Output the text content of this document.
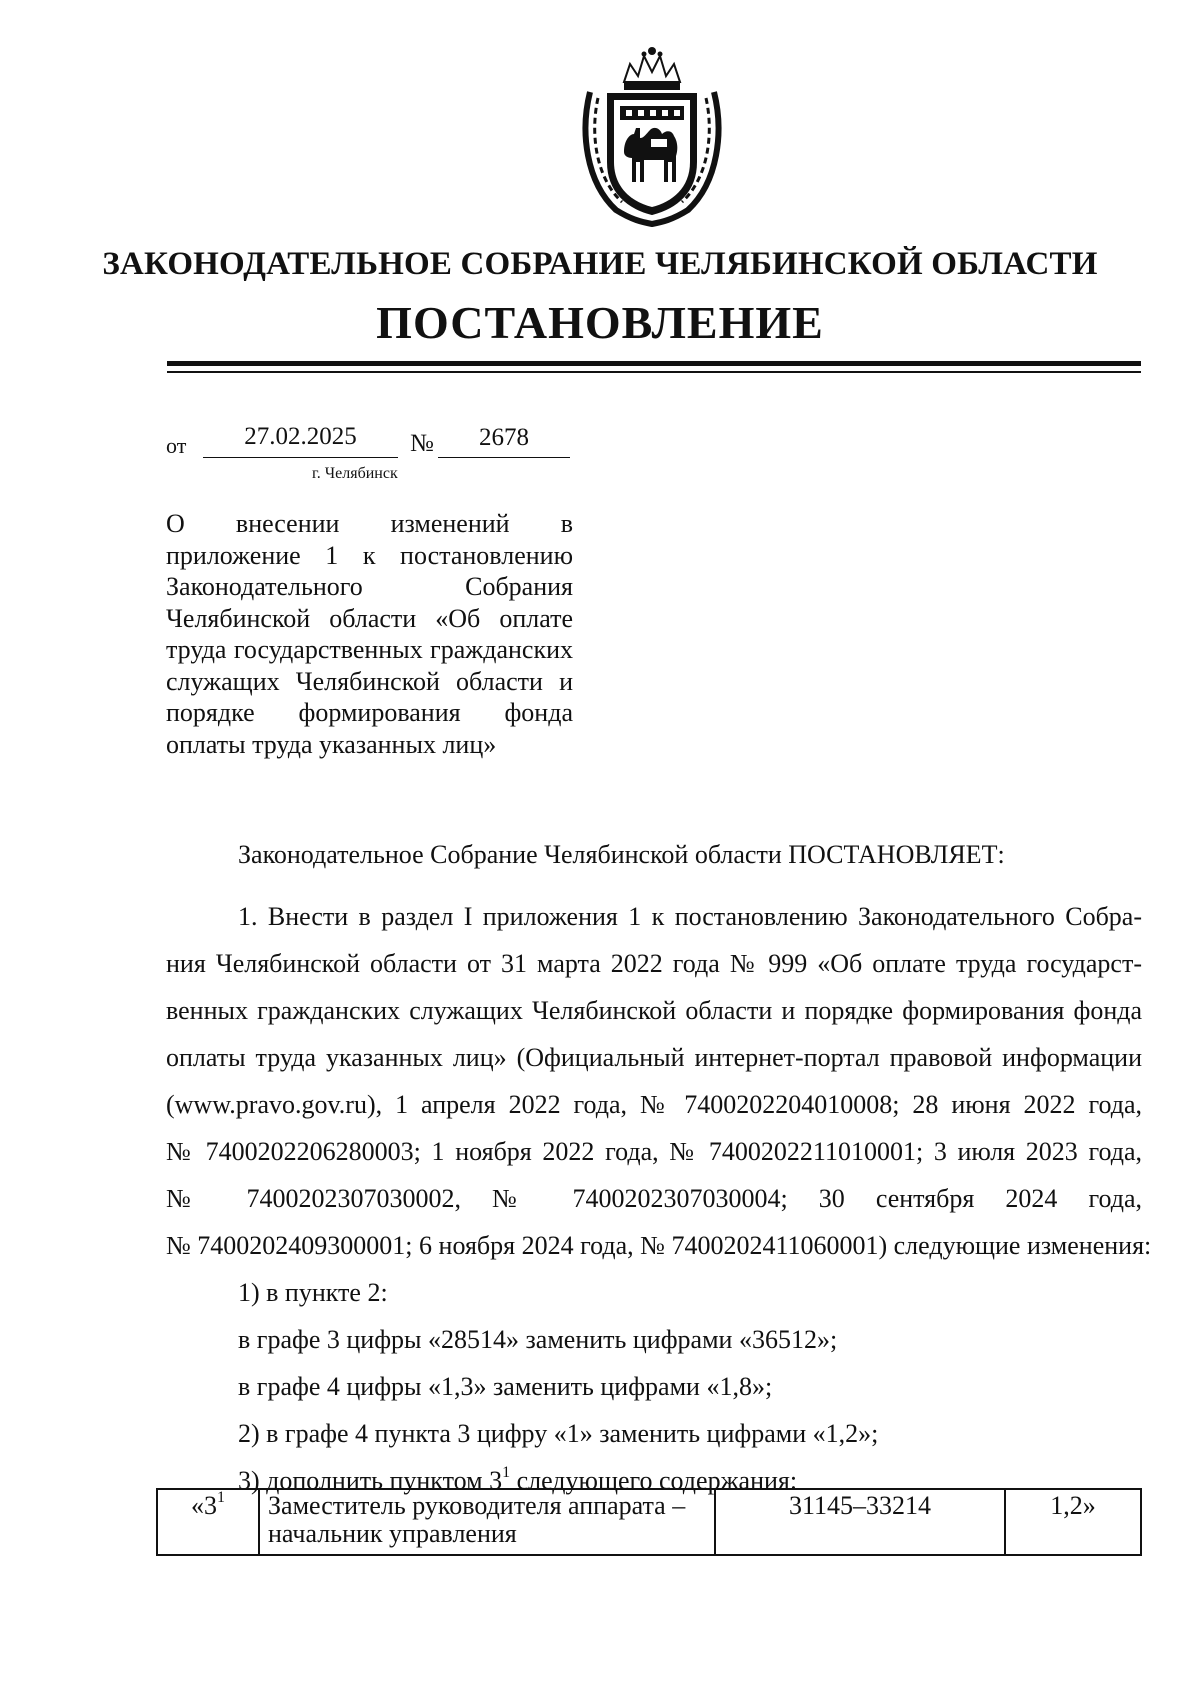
ЗАКОНОДАТЕЛЬНОЕ СОБРАНИЕ ЧЕЛЯБИНСКОЙ ОБЛАСТИ
ПОСТАНОВЛЕНИЕ
от	27.02.2025	№	2678
г. Челябинск
О внесении изменений в приложение 1 к постановлению Законодательного Собрания Челябинской области «Об оплате труда государственных гражданских служащих Челябинской области и порядке формирования фонда оплаты труда указанных лиц»
Законодательное Собрание Челябинской области ПОСТАНОВЛЯЕТ:
1. Внести в раздел I приложения 1 к постановлению Законодательного Собра-
ния Челябинской области от 31 марта 2022 года № 999 «Об оплате труда государст-
венных гражданских служащих Челябинской области и порядке формирования фонда
оплаты труда указанных лиц» (Официальный интернет-портал правовой информации
(www.pravo.gov.ru), 1 апреля 2022 года, № 7400202204010008; 28 июня 2022 года,
№ 7400202206280003; 1 ноября 2022 года, № 7400202211010001; 3 июля 2023 года,
№ 7400202307030002, № 7400202307030004; 30 сентября 2024 года,
№ 7400202409300001; 6 ноября 2024 года, № 7400202411060001) следующие изменения:
1) в пункте 2:
в графе 3 цифры «28514» заменить цифрами «36512»;
в графе 4 цифры «1,3» заменить цифрами «1,8»;
2) в графе 4 пункта 3 цифру «1» заменить цифрами «1,2»;
3) дополнить пунктом $3^1$ следующего содержания:
«$3^1$	Заместитель руководителя аппарата – начальник управления	31145–33214	1,2»
